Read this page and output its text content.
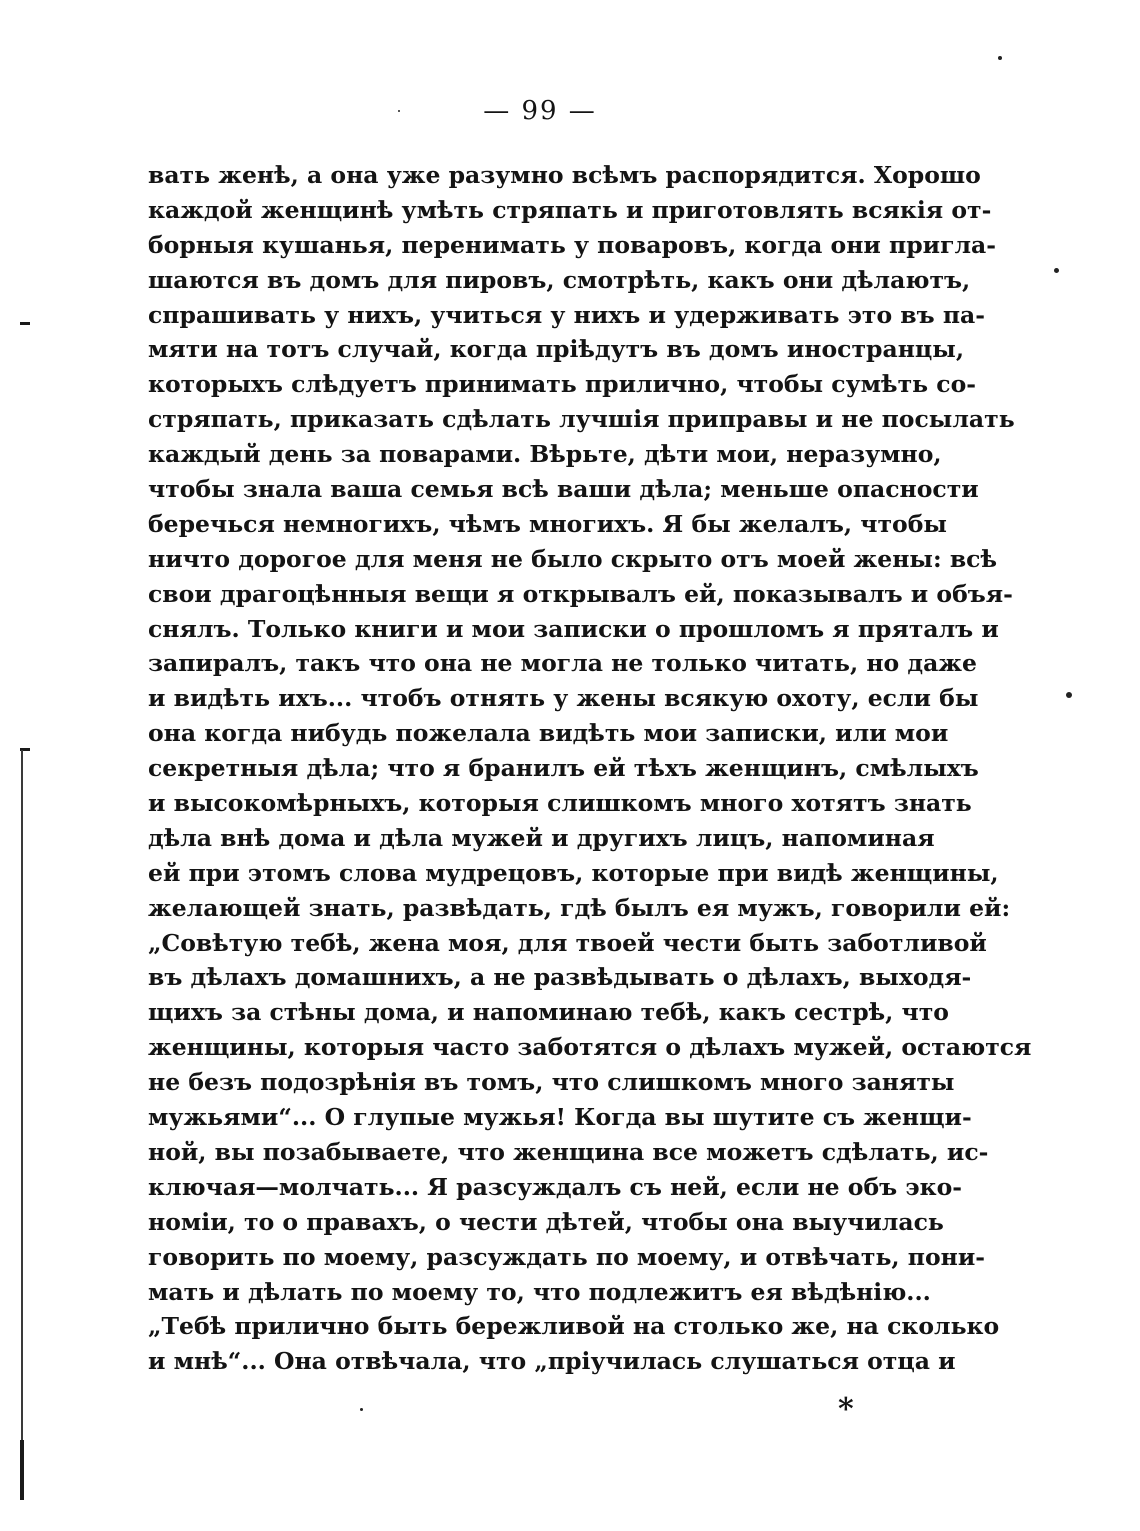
— 99 —
вать женѣ, а она уже разумно всѣмъ распорядится. Хорошо
каждой женщинѣ умѣть стряпать и приготовлять всякія от-
борныя кушанья, перенимать у поваровъ, когда они пригла-
шаются въ домъ для пировъ, смотрѣть, какъ они дѣлаютъ,
спрашивать у нихъ, учиться у нихъ и удерживать это въ па-
мяти на тотъ случай, когда пріѣдутъ въ домъ иностранцы,
которыхъ слѣдуетъ принимать прилично, чтобы сумѣть со-
стряпать, приказать сдѣлать лучшія приправы и не посылать
каждый день за поварами. Вѣрьте, дѣти мои, неразумно,
чтобы знала ваша семья всѣ ваши дѣла; меньше опасности
беречься немногихъ, чѣмъ многихъ. Я бы желалъ, чтобы
ничто дорогое для меня не было скрыто отъ моей жены: всѣ
свои драгоцѣнныя вещи я открывалъ ей, показывалъ и объя-
снялъ. Только книги и мои записки о прошломъ я пряталъ и
запиралъ, такъ что она не могла не только читать, но даже
и видѣть ихъ... чтобъ отнять у жены всякую охоту, если бы
она когда нибудь пожелала видѣть мои записки, или мои
секретныя дѣла; что я бранилъ ей тѣхъ женщинъ, смѣлыхъ
и высокомѣрныхъ, которыя слишкомъ много хотятъ знать
дѣла внѣ дома и дѣла мужей и другихъ лицъ, напоминая
ей при этомъ слова мудрецовъ, которые при видѣ женщины,
желающей знать, развѣдать, гдѣ былъ ея мужъ, говорили ей:
„Совѣтую тебѣ, жена моя, для твоей чести быть заботливой
въ дѣлахъ домашнихъ, а не развѣдывать о дѣлахъ, выходя-
щихъ за стѣны дома, и напоминаю тебѣ, какъ сестрѣ, что
женщины, которыя часто заботятся о дѣлахъ мужей, остаются
не безъ подозрѣнія въ томъ, что слишкомъ много заняты
мужьями“... О глупые мужья! Когда вы шутите съ женщи-
ной, вы позабываете, что женщина все можетъ сдѣлать, ис-
ключая—молчать... Я разсуждалъ съ ней, если не объ эко-
номіи, то о правахъ, о чести дѣтей, чтобы она выучилась
говорить по моему, разсуждать по моему, и отвѣчать, пони-
мать и дѣлать по моему то, что подлежитъ ея вѣдѣнію...
„Тебѣ прилично быть бережливой на столько же, на сколько
и мнѣ“... Она отвѣчала, что „пріучилась слушаться отца и
*
